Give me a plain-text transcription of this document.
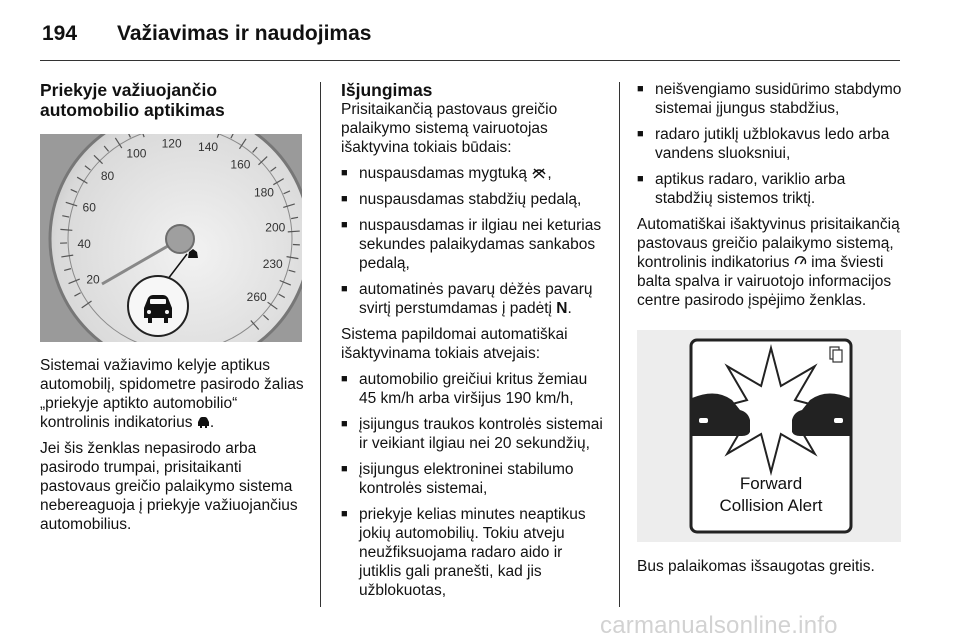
194 Važiavimas ir naudojimas
Priekyje važiuojančio automobilio aptikimas
20
40
60
80
100
120 140
160
180
200
230
260

Sistemai važiavimo kelyje aptikus automobilį, spidometre pasirodo žalias „priekyje aptikto automobilio“ kontrolinis indikatorius .

Jei šis ženklas nepasirodo arba pasirodo trumpai, prisitaikanti pastovaus greičio palaikymo sistema nebereaguoja į priekyje važiuojančius automobilius.

Išjungimas

Prisitaikančią pastovaus greičio palaikymo sistemą vairuotojas išaktyvina tokiais būdais:

■ nuspausdamas mygtuką ,
■ nuspausdamas stabdžių pedalą,
■ nuspausdamas ir ilgiau nei keturias sekundes palaikydamas sankabos pedalą,
■ automatinės pavarų dėžės pavarų svirtį perstumdamas į padėtį N.

Sistema papildomai automatiškai išaktyvinama tokiais atvejais:

■ automobilio greičiui kritus žemiau 45 km/h arba viršijus 190 km/h,
■ įsijungus traukos kontrolės sistemai ir veikiant ilgiau nei 20 sekundžių,
■ įsijungus elektroninei stabilumo kontrolės sistemai,
■ priekyje kelias minutes neaptikus jokių automobilių. Tokiu atveju neužfiksuojama radaro aido ir jutiklis gali pranešti, kad jis užblokuotas,
■ neišvengiamo susidūrimo stabdymo sistemai įjungus stabdžius,
■ radaro jutiklį užblokavus ledo arba vandens sluoksniui,
■ aptikus radaro, variklio arba stabdžių sistemos triktį.

Automatiškai išaktyvinus prisitaikančią pastovaus greičio palaikymo sistemą, kontrolinis indikatorius ima šviesti balta spalva ir vairuotojo informacijos centre pasirodo įspėjimo ženklas.

Forward
Collision Alert

Bus palaikomas išsaugotas greitis.

carmanualsonline.info
